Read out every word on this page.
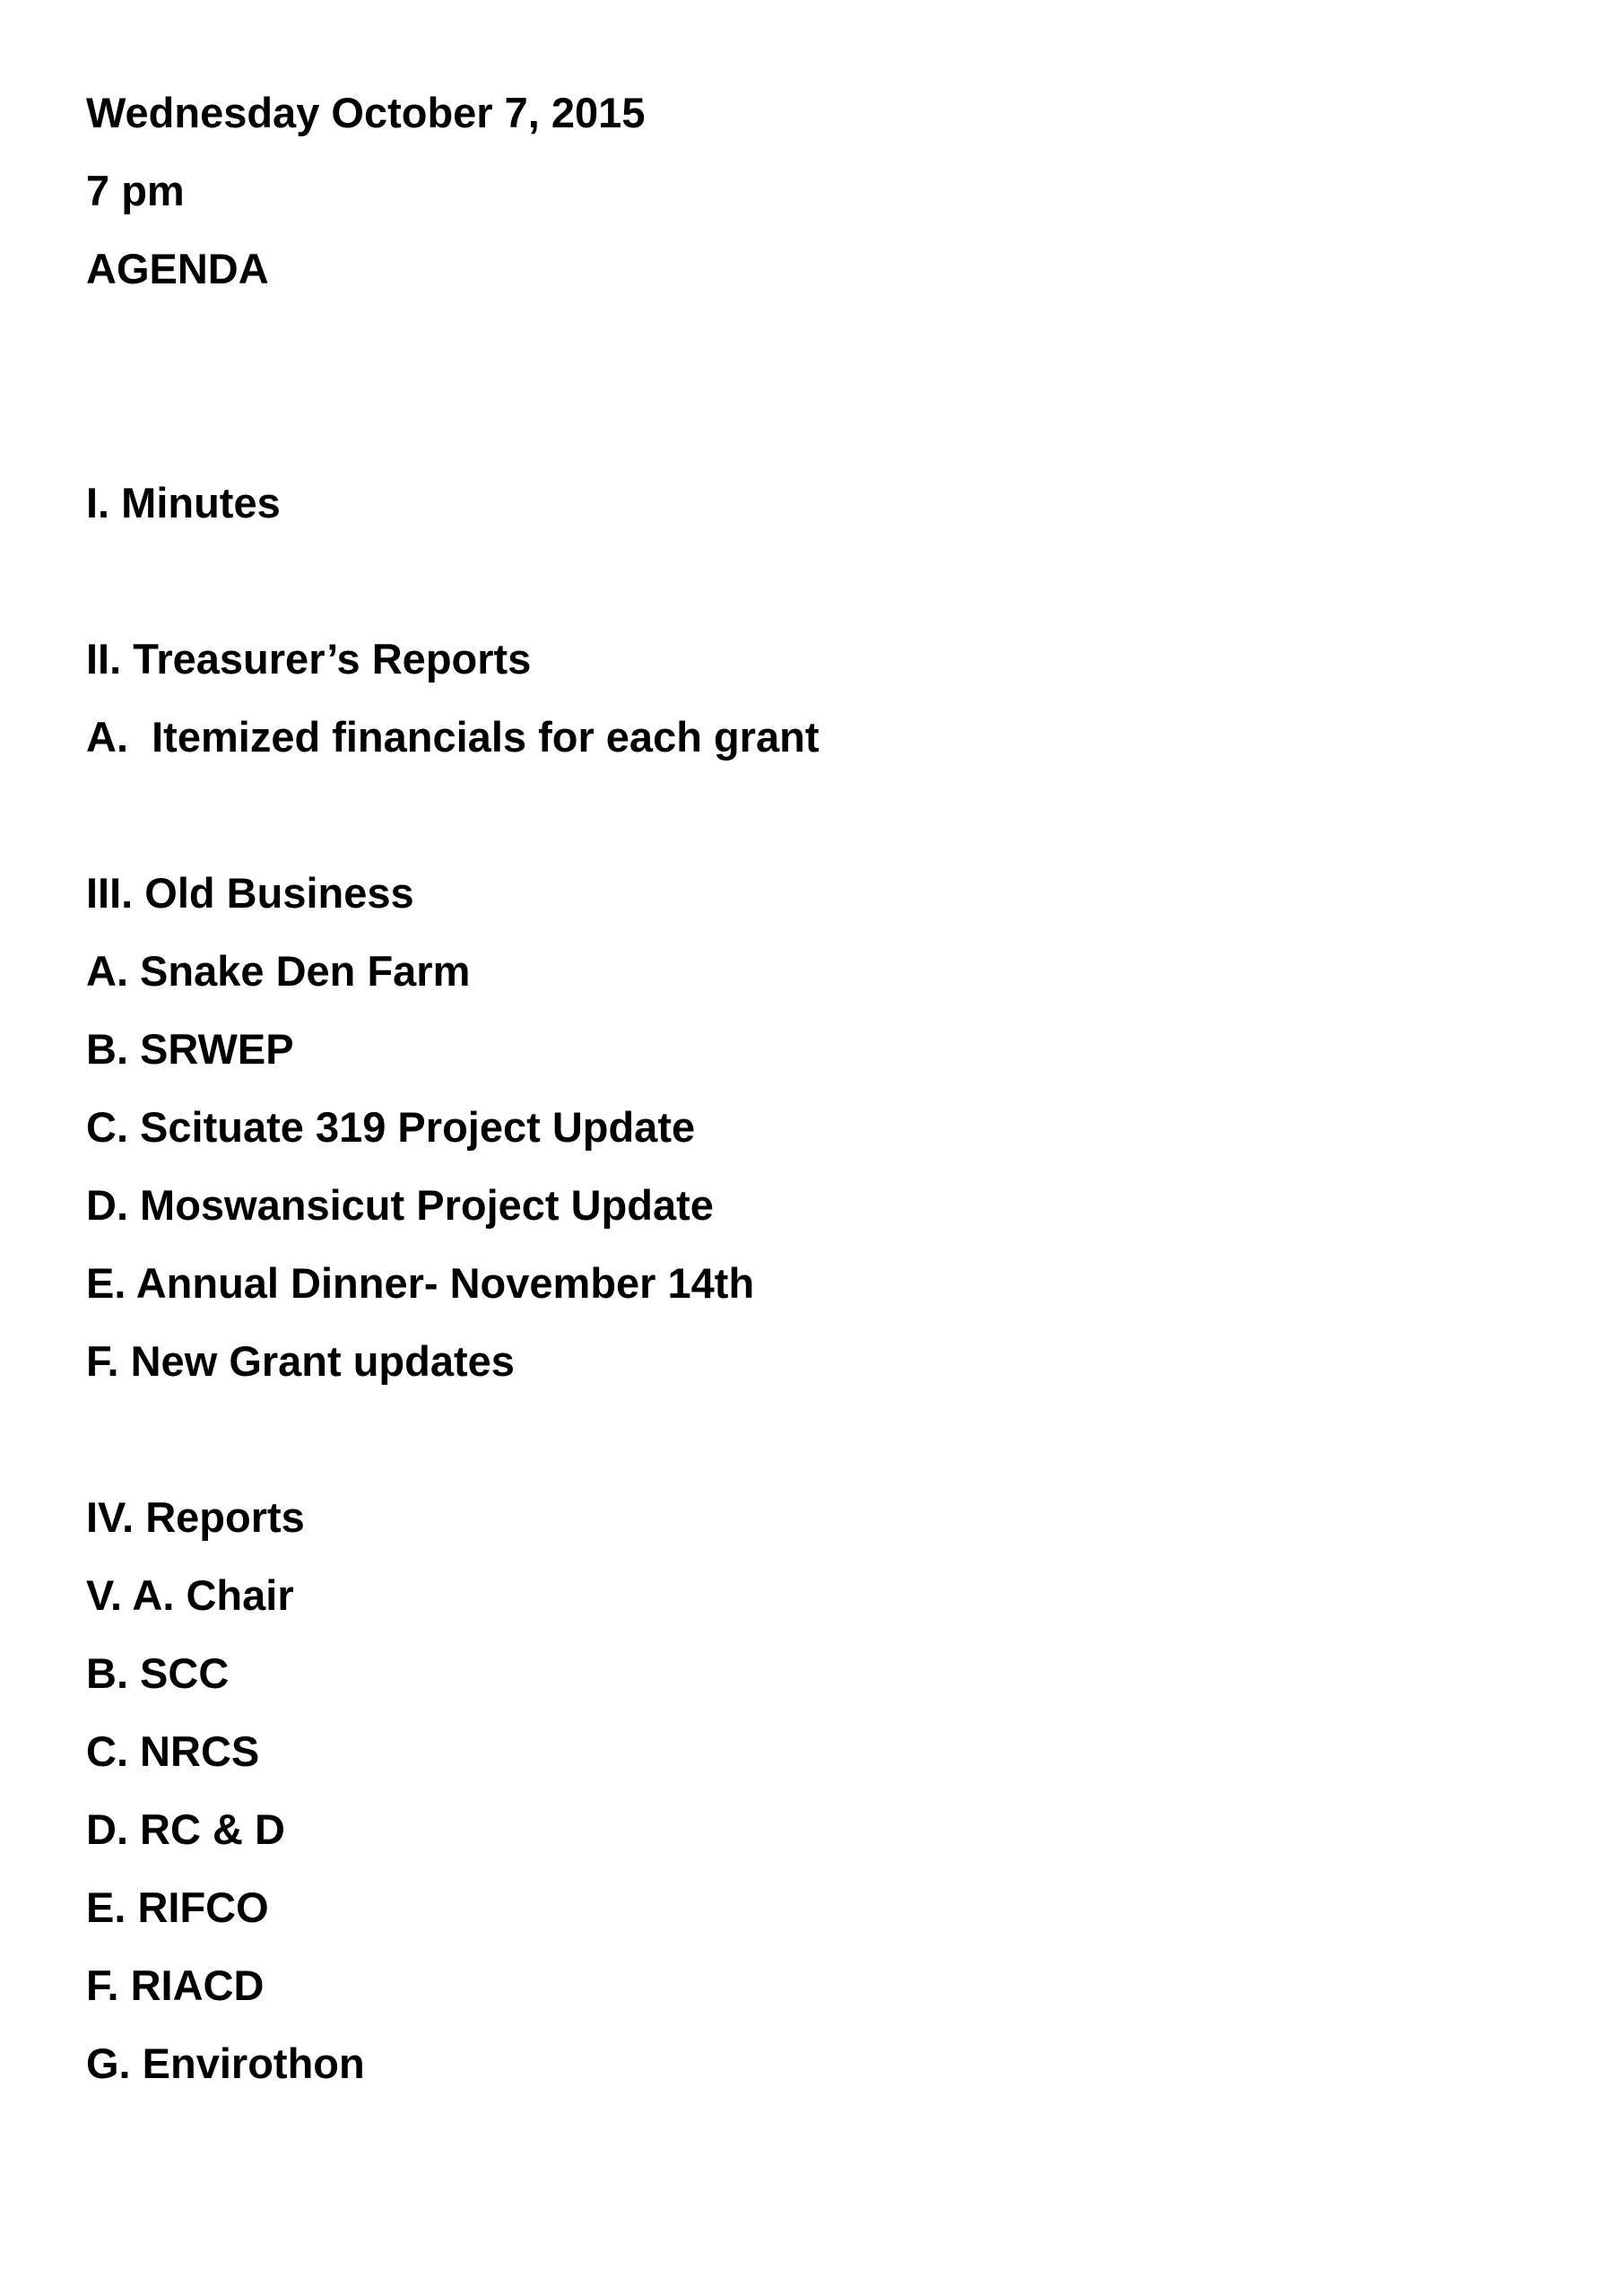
Wednesday October 7, 2015
7 pm
AGENDA
I. Minutes
II. Treasurer’s Reports
A.  Itemized financials for each grant
III. Old Business
A. Snake Den Farm
B. SRWEP
C. Scituate 319 Project Update
D. Moswansicut Project Update
E. Annual Dinner- November 14th
F. New Grant updates
IV. Reports
V. A. Chair
B. SCC
C. NRCS
D. RC & D
E. RIFCO
F. RIACD
G. Envirothon
